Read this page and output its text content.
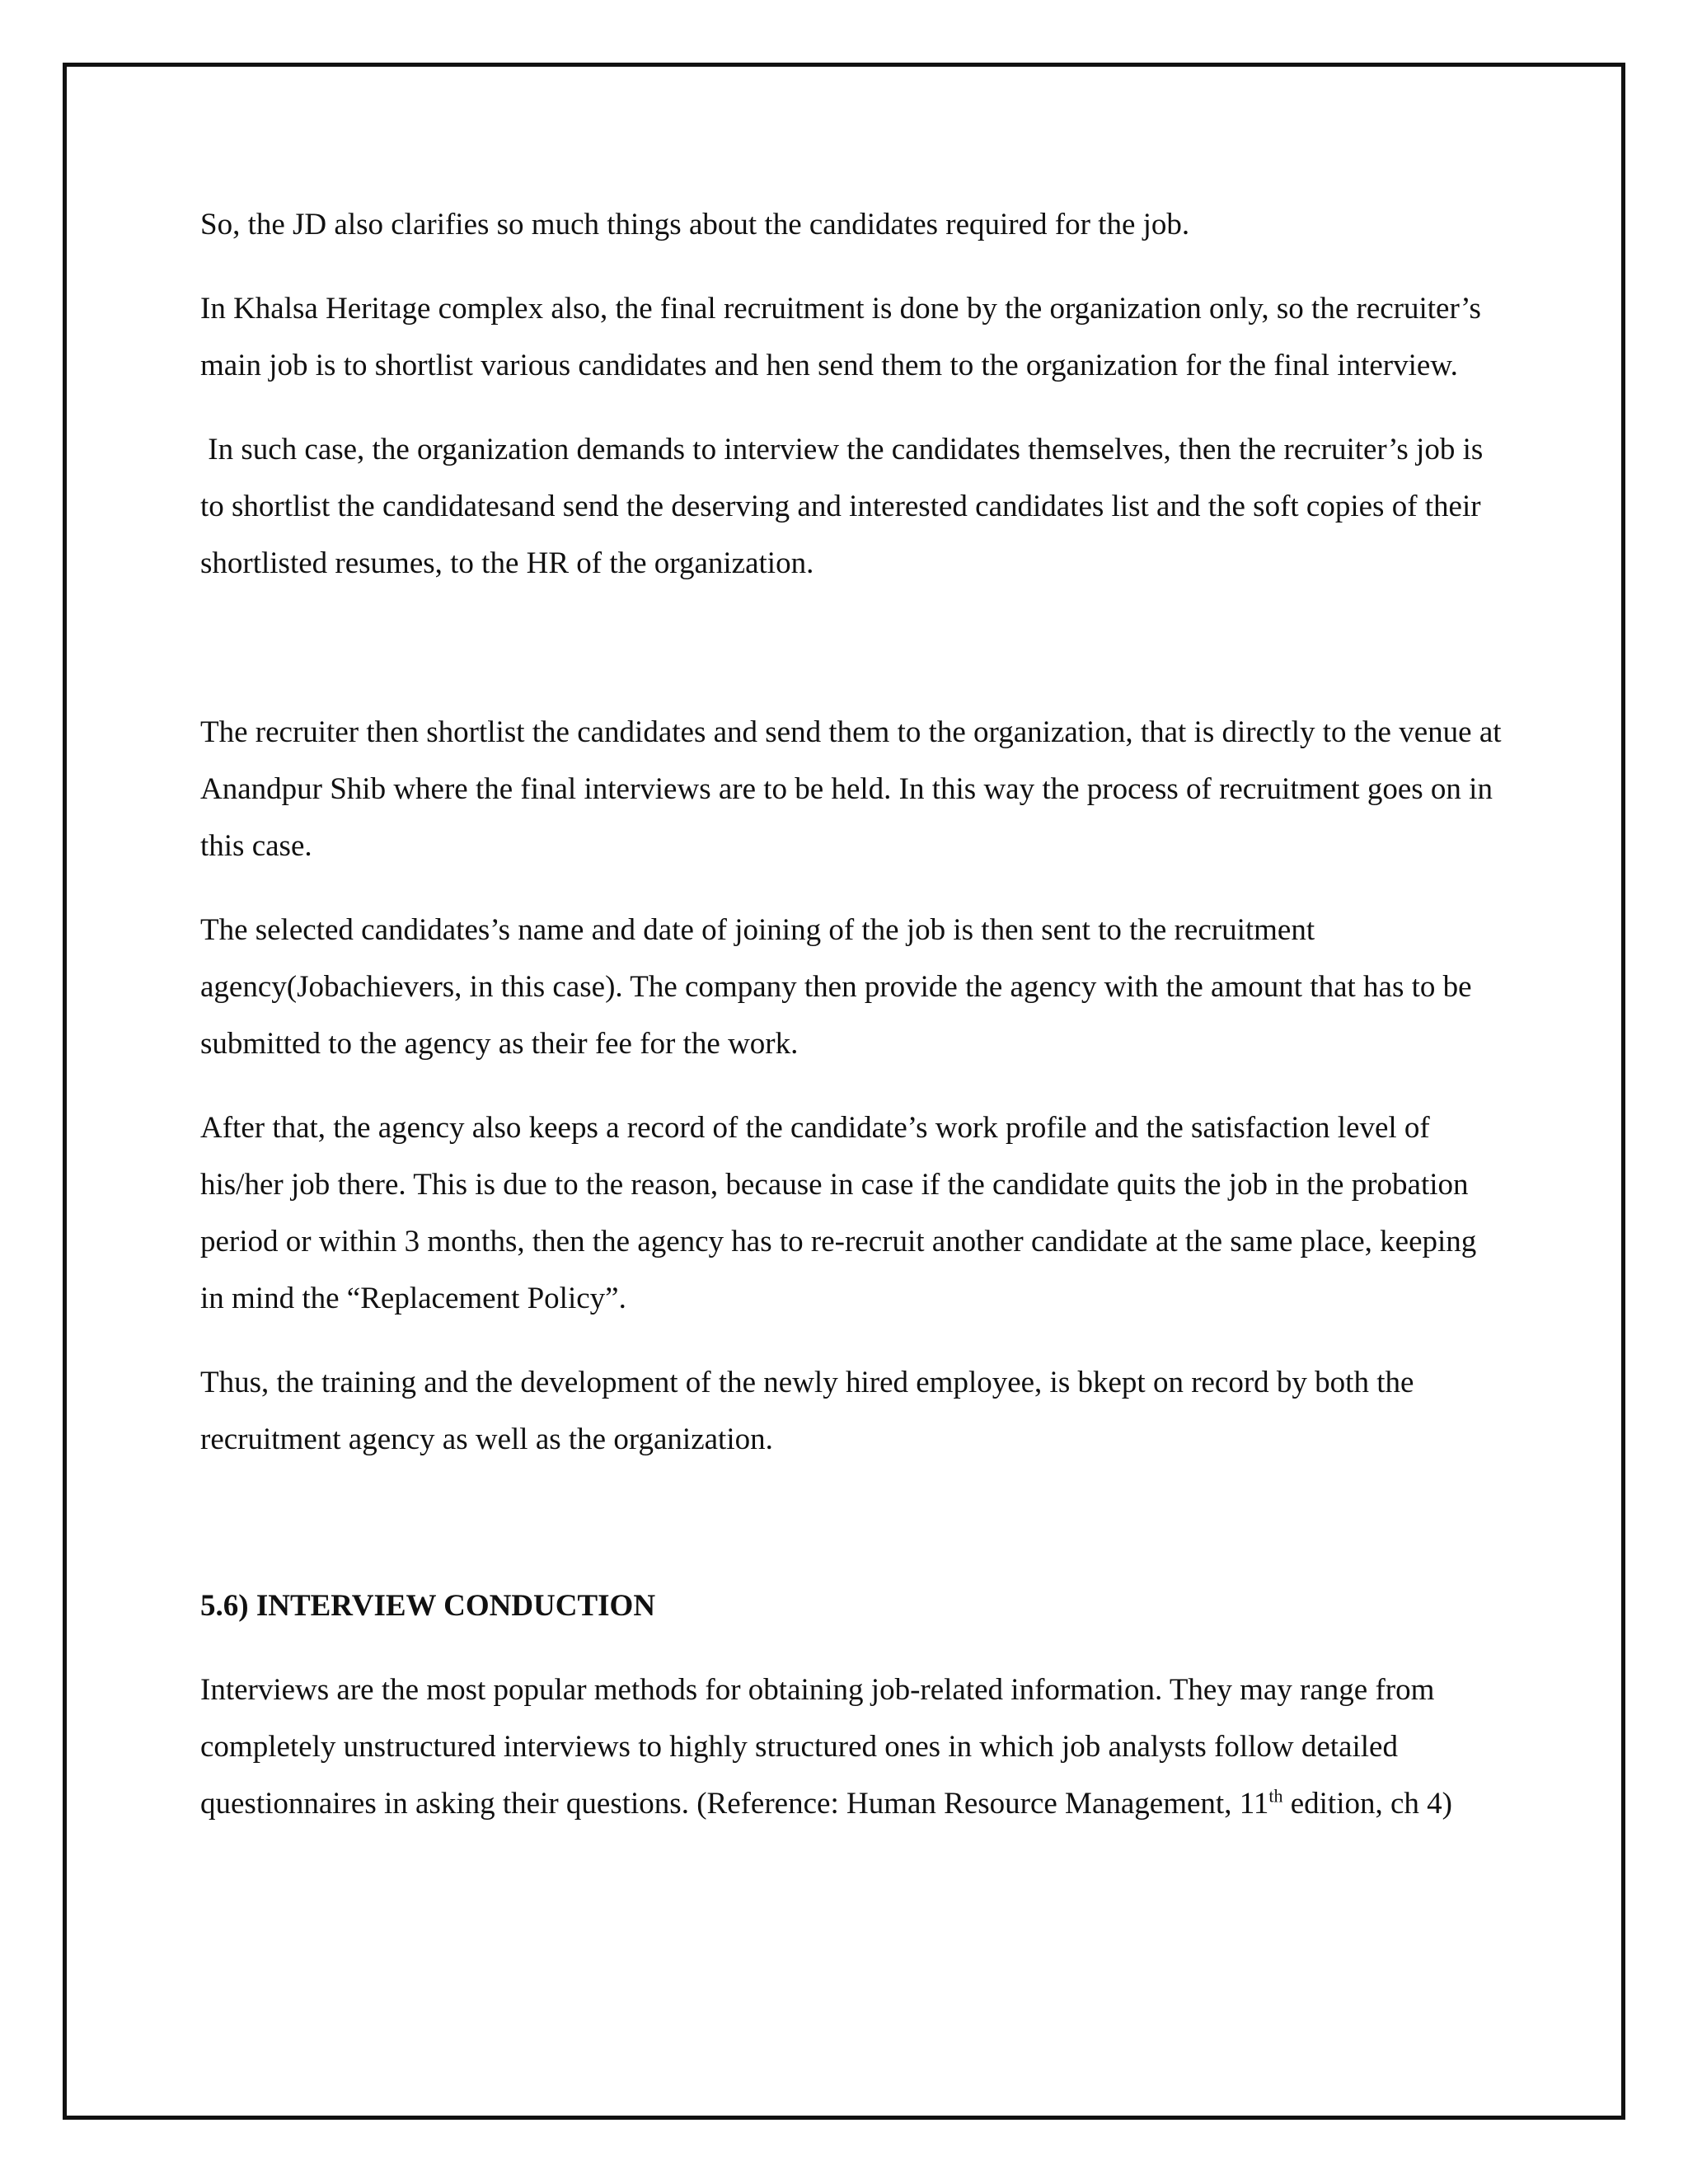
So, the JD also clarifies so much things about the candidates required for the job.

In Khalsa Heritage complex also, the final recruitment is done by the organization only, so the recruiter’s main job is to shortlist various candidates and hen send them to the organization for the final interview.

In such case, the organization demands to interview the candidates themselves, then the recruiter’s job is to shortlist the candidatesand send the deserving and interested candidates list and the soft copies of their shortlisted resumes, to the HR of the organization.

The recruiter then shortlist the candidates and send them to the organization, that is directly to the venue at Anandpur Shib where the final interviews are to be held. In this way the process of recruitment goes on in this case.

The selected candidates’s name and date of joining of the job is then sent to the recruitment agency(Jobachievers, in this case). The company then provide the agency with the amount that has to be submitted to the agency as their fee for the work.

After that, the agency also keeps a record of the candidate’s work profile and the satisfaction level of his/her job there. This is due to the reason, because in case if the candidate quits the job in the probation period or within 3 months, then the agency has to re-recruit another candidate at the same place, keeping in mind the “Replacement Policy”.

Thus, the training and the development of the newly hired employee, is bkept on record by both the recruitment agency as well as the organization.

5.6) INTERVIEW CONDUCTION

Interviews are the most popular methods for obtaining job-related information. They may range from completely unstructured interviews to highly structured ones in which job analysts follow detailed questionnaires in asking their questions. (Reference: Human Resource Management, 11th edition, ch 4)
